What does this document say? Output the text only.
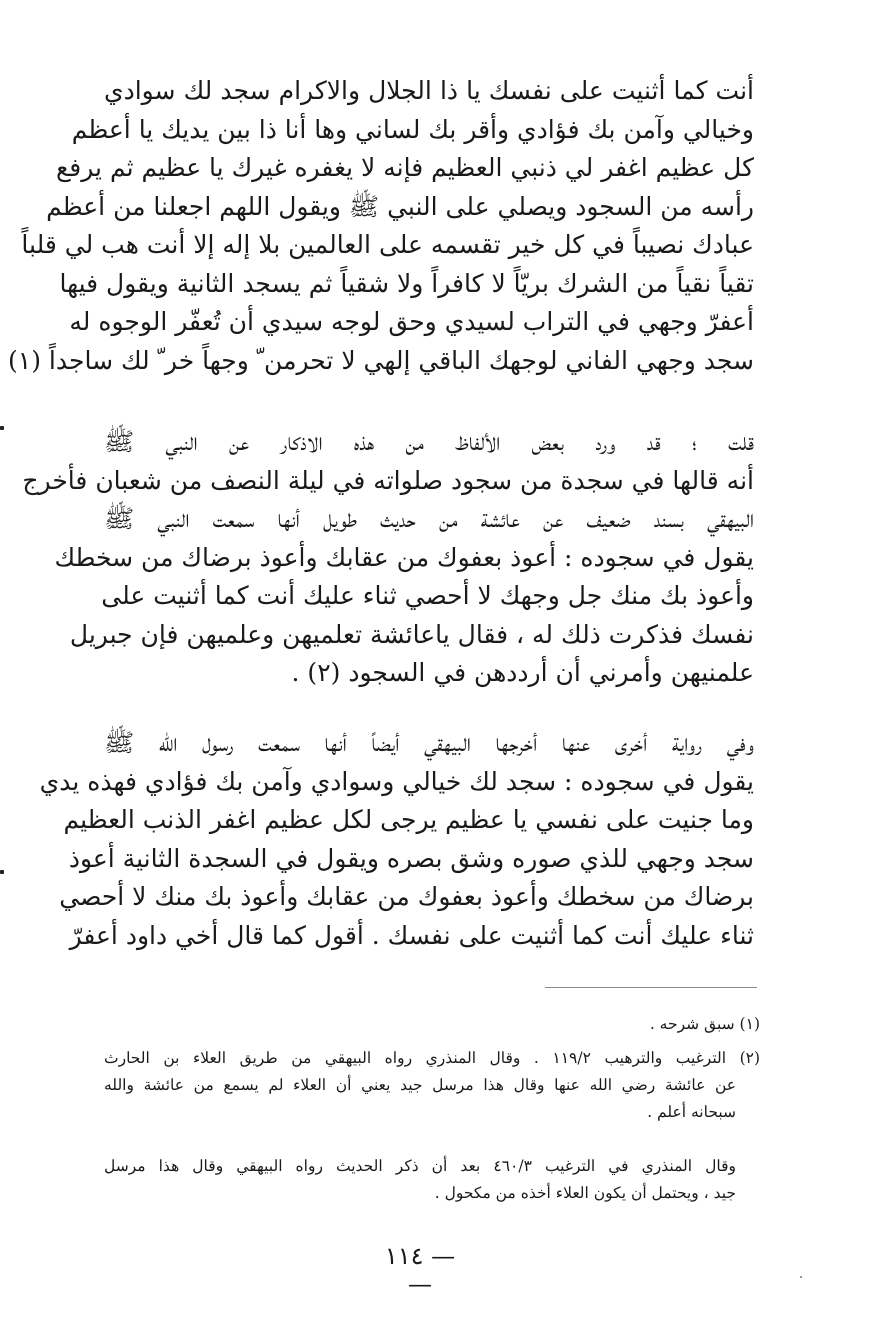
أنت كما أثنيت على نفسك يا ذا الجلال والاكرام سجد لك سوادي
وخيالي وآمن بك فؤادي وأقر بك لساني وها أنا ذا بين يديك يا أعظم
كل عظيم اغفر لي ذنبي العظيم فإنه لا يغفره غيرك يا عظيم ثم يرفع
رأسه من السجود ويصلي على النبي ﷺ ويقول اللهم اجعلنا من أعظم
عبادك نصيباً في كل خير تقسمه على العالمين بلا إله إلا أنت هب لي قلباً
تقياً نقياً من الشرك بريّاً لا كافراً ولا شقياً ثم يسجد الثانية ويقول فيها
أعفرّ وجهي في التراب لسيدي وحق لوجه سيدي أن تُعفّر الوجوه له
سجد وجهي الفاني لوجهك الباقي إلهي لا تحرمن ّ وجهاً خر ّ لك ساجداً (١)
قلت ؛ قد ورد بعض الألفاظ من هذه الاذكار عن النبي ﷺ
أنه قالها في سجدة من سجود صلواته في ليلة النصف من شعبان فأخرج
البيهقي بسند ضعيف عن عائشة من حديث طويل أنها سمعت النبي ﷺ
يقول في سجوده : أعوذ بعفوك من عقابك وأعوذ برضاك من سخطك
وأعوذ بك منك جل وجهك لا أحصي ثناء عليك أنت كما أثنيت على
نفسك فذكرت ذلك له ، فقال ياعائشة تعلميهن وعلميهن فإن جبريل
علمنيهن وأمرني أن أرددهن في السجود (٢) .
وفي رواية أخرى عنها أخرجها البيهقي أيضاً أنها سمعت رسول الله ﷺ
يقول في سجوده : سجد لك خيالي وسوادي وآمن بك فؤادي فهذه يدي
وما جنيت على نفسي يا عظيم يرجى لكل عظيم اغفر الذنب العظيم
سجد وجهي للذي صوره وشق بصره ويقول في السجدة الثانية أعوذ
برضاك من سخطك وأعوذ بعفوك من عقابك وأعوذ بك منك لا أحصي
ثناء عليك أنت كما أثنيت على نفسك . أقول كما قال أخي داود أعفرّ
(١) سبق شرحه .
(٢) الترغيب والترهيب ١١٩/٢ . وقال المنذري رواه البيهقي من طريق العلاء بن الحارث
عن عائشة رضي الله عنها وقال هذا مرسل جيد يعني أن العلاء لم يسمع من عائشة والله
سبحانه أعلم .
وقال المنذري في الترغيب ٤٦٠/٣ بعد أن ذكر الحديث رواه البيهقي وقال هذا مرسل
جيد ، ويحتمل أن يكون العلاء أخذه من مكحول .
— ١١٤ —
